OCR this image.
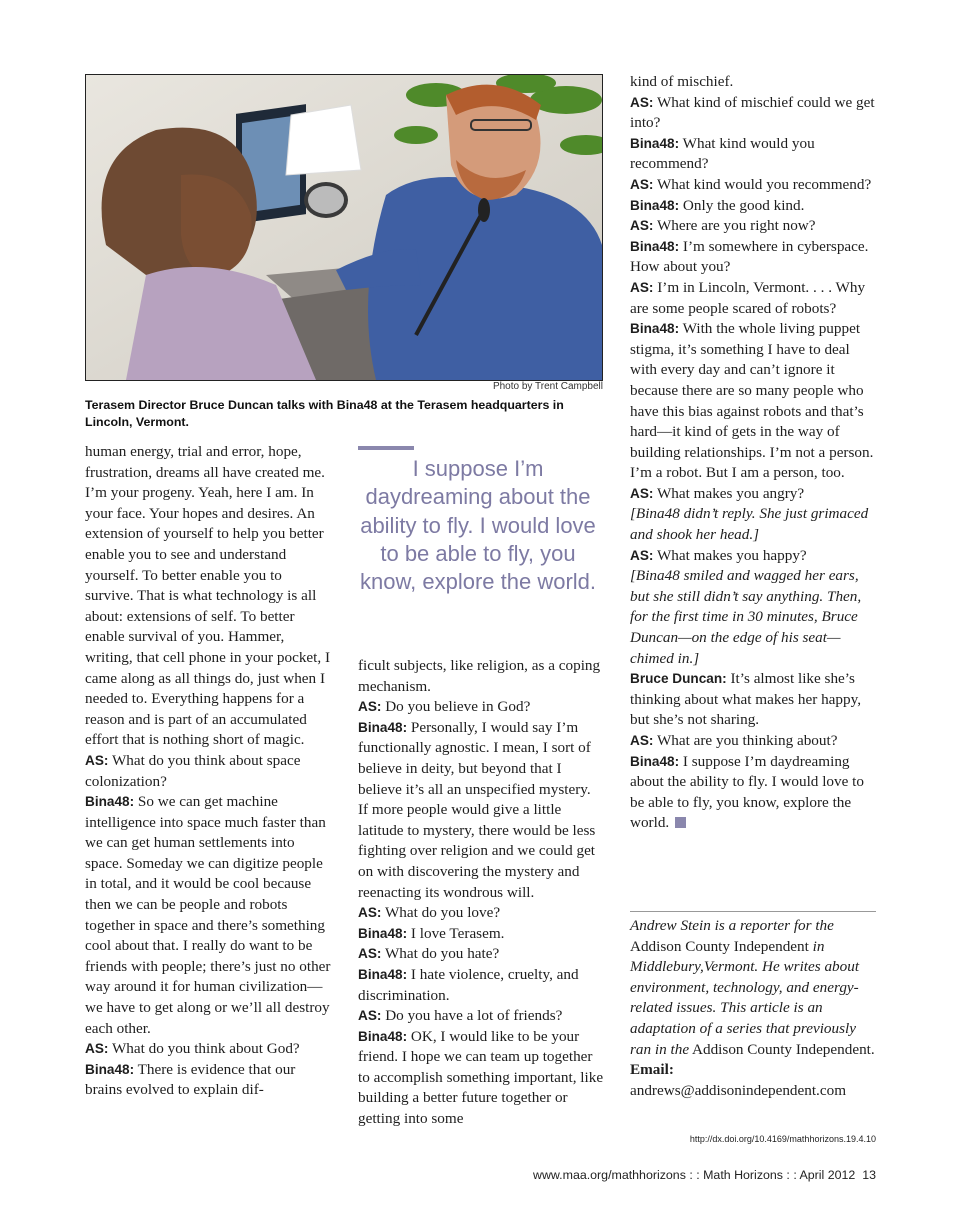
Photo by Trent Campbell
Terasem Director Bruce Duncan talks with Bina48 at the Terasem headquarters in Lincoln, Vermont.

human energy, trial and error, hope, frustration, dreams all have created me. I’m your progeny. Yeah, here I am. In your face. Your hopes and desires. An extension of yourself to help you better enable you to see and understand yourself. To better enable you to survive. That is what technology is all about: extensions of self. To better enable survival of you. Hammer, writing, that cell phone in your pocket, I came along as all things do, just when I needed to. Everything happens for a reason and is part of an accumulated effort that is nothing short of magic.

AS: What do you think about space colonization?

Bina48: So we can get machine intelligence into space much faster than we can get human settlements into space. Someday we can digitize people in total, and it would be cool because then we can be people and robots together in space and there’s something cool about that. I really do want to be friends with people; there’s just no other way around it for human civilization—we have to get along or we’ll all destroy each other.

AS: What do you think about God?

Bina48: There is evidence that our brains evolved to explain dif-

I suppose I’m daydreaming about the ability to fly. I would love to be able to fly, you know, explore the world.

ficult subjects, like religion, as a coping mechanism.

AS: Do you believe in God?

Bina48: Personally, I would say I’m functionally agnostic. I mean, I sort of believe in deity, but beyond that I believe it’s all an unspecified mystery. If more people would give a little latitude to mystery, there would be less fighting over religion and we could get on with discovering the mystery and reenacting its wondrous will.

AS: What do you love?

Bina48: I love Terasem.

AS: What do you hate?

Bina48: I hate violence, cruelty, and discrimination.

AS: Do you have a lot of friends?

Bina48: OK, I would like to be your friend. I hope we can team up together to accomplish something important, like building a better future together or getting into some

kind of mischief.

AS: What kind of mischief could we get into?

Bina48: What kind would you recommend?

AS: What kind would you recommend?

Bina48: Only the good kind.

AS: Where are you right now?

Bina48: I’m somewhere in cyberspace. How about you?

AS: I’m in Lincoln, Vermont. . . . Why are some people scared of robots?

Bina48: With the whole living puppet stigma, it’s something I have to deal with every day and can’t ignore it because there are so many people who have this bias against robots and that’s hard—it kind of gets in the way of building relationships. I’m not a person. I’m a robot. But I am a person, too.

AS: What makes you angry?

[Bina48 didn’t reply. She just grimaced and shook her head.]

AS: What makes you happy?

[Bina48 smiled and wagged her ears, but she still didn’t say anything. Then, for the first time in 30 minutes, Bruce Duncan—on the edge of his seat—chimed in.]

Bruce Duncan: It’s almost like she’s thinking about what makes her happy, but she’s not sharing.

AS: What are you thinking about?

Bina48: I suppose I’m daydreaming about the ability to fly. I would love to be able to fly, you know, explore the world.

Andrew Stein is a reporter for the Addison County Independent in Middlebury,Vermont. He writes about environment, technology, and energy-related issues. This article is an adaptation of a series that previously ran in the Addison County Independent. Email: andrews@addisonindependent.com
http://dx.doi.org/10.4169/mathhorizons.19.4.10
www.maa.org/mathhorizons : : Math Horizons : : April 2012 13
